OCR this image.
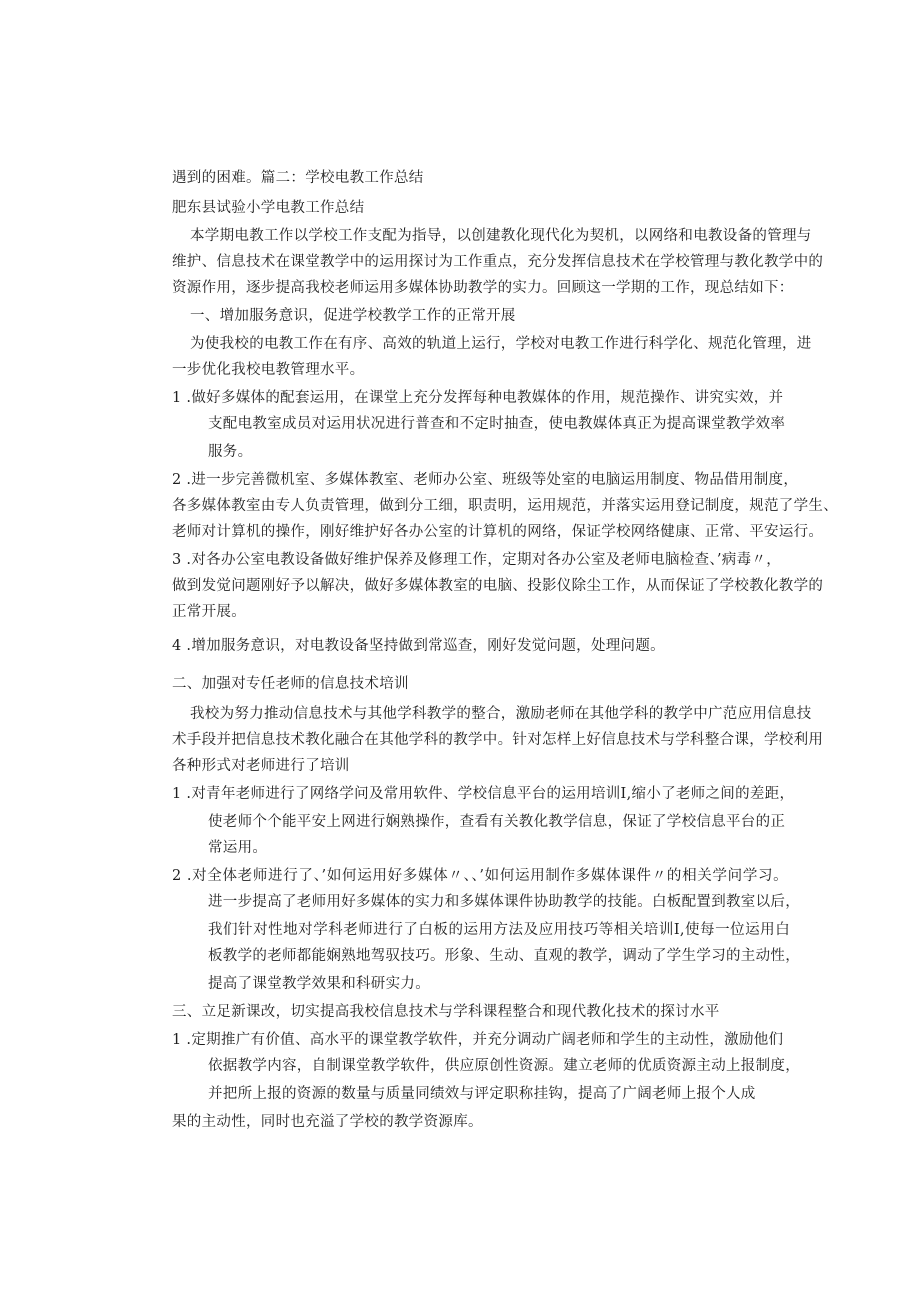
遇到的困难。篇二：学校电教工作总结
肥东县试验小学电教工作总结
本学期电教工作以学校工作支配为指导，以创建教化现代化为契机，以网络和电教设备的管理与
维护、信息技术在课堂教学中的运用探讨为工作重点，充分发挥信息技术在学校管理与教化教学中的
资源作用，逐步提高我校老师运用多媒体协助教学的实力。回顾这一学期的工作，现总结如下：
一、增加服务意识，促进学校教学工作的正常开展
为使我校的电教工作在有序、高效的轨道上运行，学校对电教工作进行科学化、规范化管理，进
一步优化我校电教管理水平。
1 .做好多媒体的配套运用，在课堂上充分发挥每种电教媒体的作用，规范操作、讲究实效，并
支配电教室成员对运用状况进行普查和不定时抽查，使电教媒体真正为提高课堂教学效率
服务。
2 .进一步完善微机室、多媒体教室、老师办公室、班级等处室的电脑运用制度、物品借用制度，
各多媒体教室由专人负责管理，做到分工细，职责明，运用规范，并落实运用登记制度，规范了学生、
老师对计算机的操作，刚好维护好各办公室的计算机的网络，保证学校网络健康、正常、平安运行。
3 .对各办公室电教设备做好维护保养及修理工作，定期对各办公室及老师电脑检查、’病毒〃，
做到发觉问题刚好予以解决，做好多媒体教室的电脑、投影仪除尘工作，从而保证了学校教化教学的
正常开展。
4 .增加服务意识，对电教设备坚持做到常巡查，刚好发觉问题，处理问题。
二、加强对专任老师的信息技术培训
我校为努力推动信息技术与其他学科教学的整合，激励老师在其他学科的教学中广范应用信息技
术手段并把信息技术教化融合在其他学科的教学中。针对怎样上好信息技术与学科整合课，学校利用
各种形式对老师进行了培训
1 .对青年老师进行了网络学问及常用软件、学校信息平台的运用培训I,缩小了老师之间的差距，
使老师个个能平安上网进行娴熟操作，查看有关教化教学信息，保证了学校信息平台的正
常运用。
2 .对全体老师进行了、’如何运用好多媒体〃、、’如何运用制作多媒体课件〃的相关学问学习。
进一步提高了老师用好多媒体的实力和多媒体课件协助教学的技能。白板配置到教室以后，
我们针对性地对学科老师进行了白板的运用方法及应用技巧等相关培训I,使每一位运用白
板教学的老师都能娴熟地驾驭技巧。形象、生动、直观的教学，调动了学生学习的主动性，
提高了课堂教学效果和科研实力。
三、立足新课改，切实提高我校信息技术与学科课程整合和现代教化技术的探讨水平
1 .定期推广有价值、高水平的课堂教学软件，并充分调动广阔老师和学生的主动性，激励他们
依据教学内容，自制课堂教学软件，供应原创性资源。建立老师的优质资源主动上报制度，
并把所上报的资源的数量与质量同绩效与评定职称挂钩，提高了广阔老师上报个人成
果的主动性，同时也充溢了学校的教学资源库。
